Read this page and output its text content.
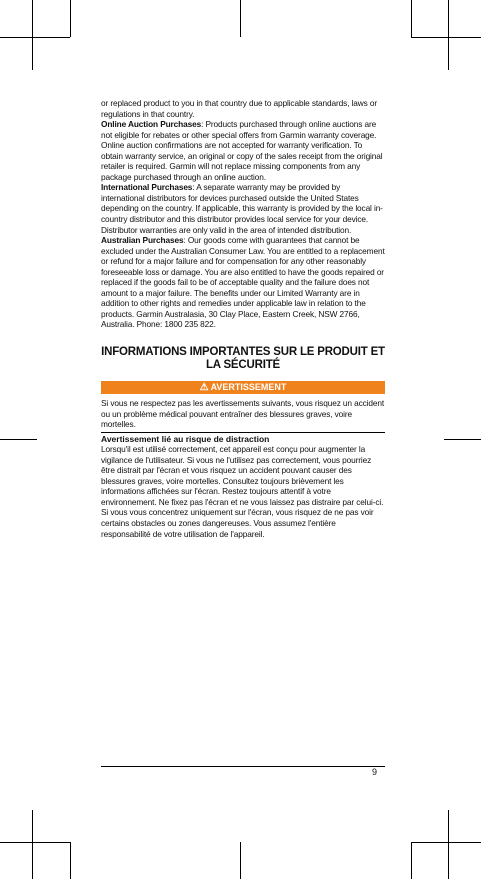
or replaced product to you in that country due to applicable standards, laws or regulations in that country.

Online Auction Purchases: Products purchased through online auctions are not eligible for rebates or other special offers from Garmin warranty coverage. Online auction confirmations are not accepted for warranty verification. To obtain warranty service, an original or copy of the sales receipt from the original retailer is required. Garmin will not replace missing components from any package purchased through an online auction.

International Purchases: A separate warranty may be provided by international distributors for devices purchased outside the United States depending on the country. If applicable, this warranty is provided by the local in-country distributor and this distributor provides local service for your device. Distributor warranties are only valid in the area of intended distribution.

Australian Purchases: Our goods come with guarantees that cannot be excluded under the Australian Consumer Law. You are entitled to a replacement or refund for a major failure and for compensation for any other reasonably foreseeable loss or damage. You are also entitled to have the goods repaired or replaced if the goods fail to be of acceptable quality and the failure does not amount to a major failure. The benefits under our Limited Warranty are in addition to other rights and remedies under applicable law in relation to the products. Garmin Australasia, 30 Clay Place, Eastern Creek, NSW 2766, Australia. Phone: 1800 235 822.

INFORMATIONS IMPORTANTES SUR LE PRODUIT ET LA SÉCURITÉ
⚠ AVERTISSEMENT

Si vous ne respectez pas les avertissements suivants, vous risquez un accident ou un problème médical pouvant entraîner des blessures graves, voire mortelles.

Avertissement lié au risque de distraction

Lorsqu'il est utilisé correctement, cet appareil est conçu pour augmenter la vigilance de l'utilisateur. Si vous ne l'utilisez pas correctement, vous pourriez être distrait par l'écran et vous risquez un accident pouvant causer des blessures graves, voire mortelles. Consultez toujours brièvement les informations affichées sur l'écran. Restez toujours attentif à votre environnement. Ne fixez pas l'écran et ne vous laissez pas distraire par celui-ci. Si vous vous concentrez uniquement sur l'écran, vous risquez de ne pas voir certains obstacles ou zones dangereuses. Vous assumez l'entière responsabilité de votre utilisation de l'appareil.

9
